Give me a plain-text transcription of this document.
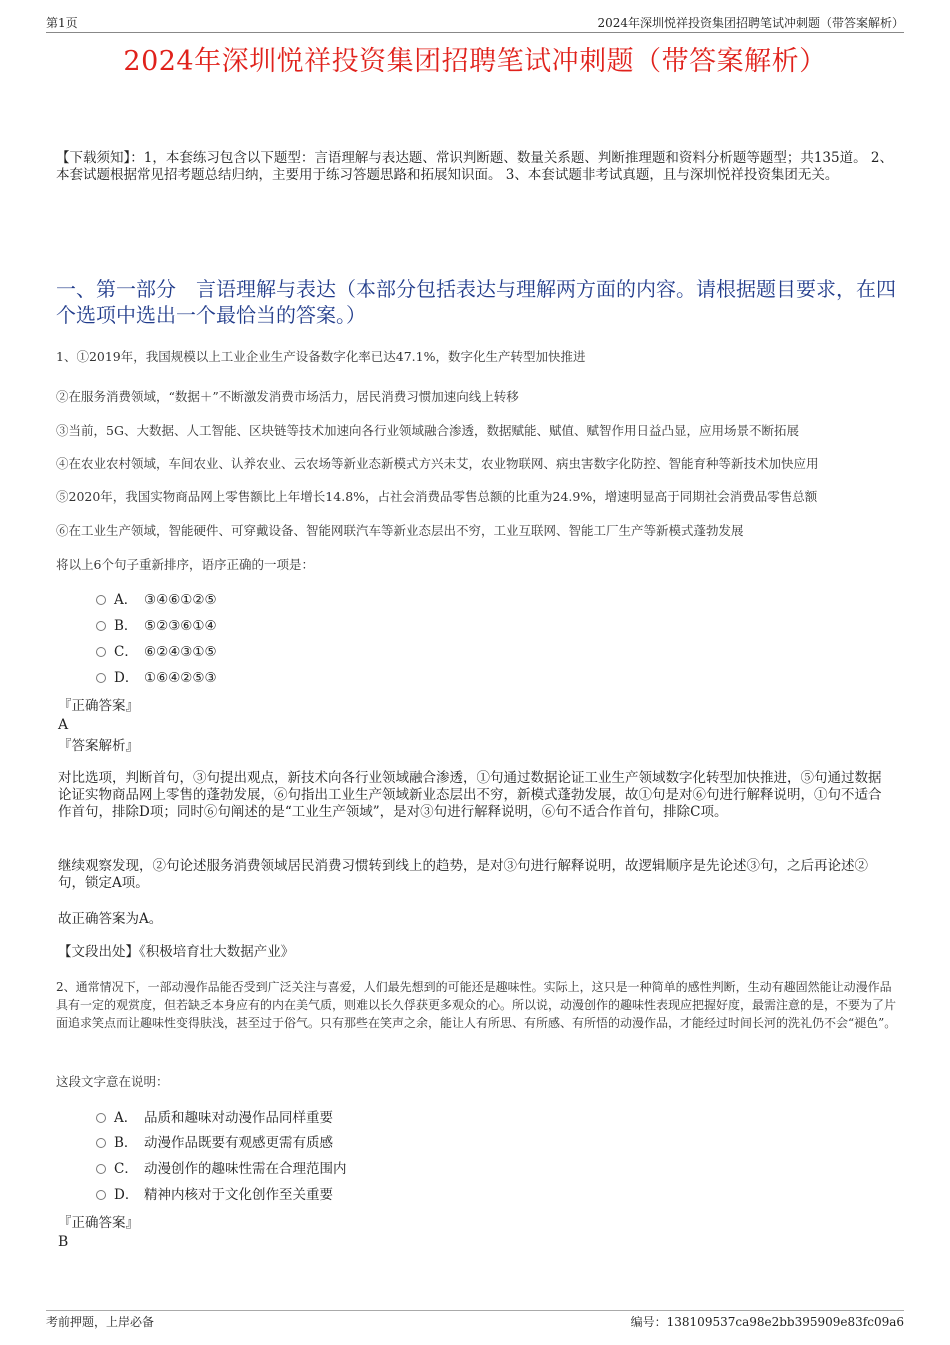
第1页	2024年深圳悦祥投资集团招聘笔试冲刺题（带答案解析）
2024年深圳悦祥投资集团招聘笔试冲刺题（带答案解析）
【下载须知】：1，本套练习包含以下题型：言语理解与表达题、常识判断题、数量关系题、判断推理题和资料分析题等题型；共135道。 2、本套试题根据常见招考题总结归纳，主要用于练习答题思路和拓展知识面。 3、本套试题非考试真题，且与深圳悦祥投资集团无关。
一、第一部分　言语理解与表达（本部分包括表达与理解两方面的内容。请根据题目要求，在四个选项中选出一个最恰当的答案。）
1、①2019年，我国规模以上工业企业生产设备数字化率已达47.1%，数字化生产转型加快推进
②在服务消费领域，“数据＋”不断激发消费市场活力，居民消费习惯加速向线上转移
③当前，5G、大数据、人工智能、区块链等技术加速向各行业领域融合渗透，数据赋能、赋值、赋智作用日益凸显，应用场景不断拓展
④在农业农村领域，车间农业、认养农业、云农场等新业态新模式方兴未艾，农业物联网、病虫害数字化防控、智能育种等新技术加快应用
⑤2020年，我国实物商品网上零售额比上年增长14.8%，占社会消费品零售总额的比重为24.9%，增速明显高于同期社会消费品零售总额
⑥在工业生产领域，智能硬件、可穿戴设备、智能网联汽车等新业态层出不穷，工业互联网、智能工厂生产等新模式蓬勃发展
将以上6个句子重新排序，语序正确的一项是：
A． ③④⑥①②⑤
B． ⑤②③⑥①④
C． ⑥②④③①⑤
D． ①⑥④②⑤③
『正确答案』
A
『答案解析』
对比选项，判断首句，③句提出观点，新技术向各行业领域融合渗透，①句通过数据论证工业生产领域数字化转型加快推进，⑤句通过数据论证实物商品网上零售的蓬勃发展，⑥句指出工业生产领域新业态层出不穷，新模式蓬勃发展，故①句是对⑥句进行解释说明，①句不适合作首句，排除D项；同时⑥句阐述的是“工业生产领域”，是对③句进行解释说明，⑥句不适合作首句，排除C项。
继续观察发现，②句论述服务消费领域居民消费习惯转到线上的趋势，是对③句进行解释说明，故逻辑顺序是先论述③句，之后再论述②句，锁定A项。
故正确答案为A。
【文段出处】《积极培育壮大数据产业》
2、通常情况下，一部动漫作品能否受到广泛关注与喜爱，人们最先想到的可能还是趣味性。实际上，这只是一种简单的感性判断，生动有趣固然能让动漫作品具有一定的观赏度，但若缺乏本身应有的内在美气质，则难以长久俘获更多观众的心。所以说，动漫创作的趣味性表现应把握好度，最需注意的是，不要为了片面追求笑点而让趣味性变得肤浅，甚至过于俗气。只有那些在笑声之余，能让人有所思、有所感、有所悟的动漫作品，才能经过时间长河的洗礼仍不会“褪色”。
这段文字意在说明：
A． 品质和趣味对动漫作品同样重要
B． 动漫作品既要有观感更需有质感
C． 动漫创作的趣味性需在合理范围内
D． 精神内核对于文化创作至关重要
『正确答案』
B
考前押题，上岸必备	编号：138109537ca98e2bb395909e83fc09a6
